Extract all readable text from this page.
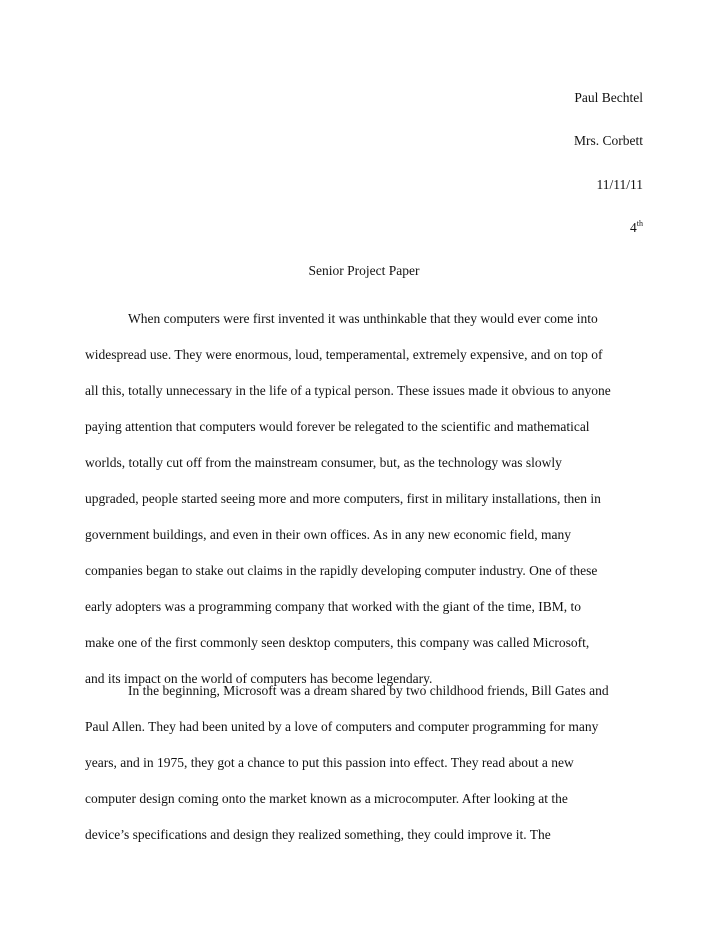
Paul Bechtel
Mrs. Corbett
11/11/11
4th
Senior Project Paper
When computers were first invented it was unthinkable that they would ever come into
widespread use. They were enormous, loud, temperamental, extremely expensive, and on top of
all this, totally unnecessary in the life of a typical person. These issues made it obvious to anyone
paying attention that computers would forever be relegated to the scientific and mathematical
worlds, totally cut off from the mainstream consumer, but, as the technology was slowly
upgraded, people started seeing more and more computers, first in military installations, then in
government buildings, and even in their own offices. As in any new economic field, many
companies began to stake out claims in the rapidly developing computer industry. One of these
early adopters was a programming company that worked with the giant of the time, IBM, to
make one of the first commonly seen desktop computers, this company was called Microsoft,
and its impact on the world of computers has become legendary.
In the beginning, Microsoft was a dream shared by two childhood friends, Bill Gates and
Paul Allen. They had been united by a love of computers and computer programming for many
years, and in 1975, they got a chance to put this passion into effect. They read about a new
computer design coming onto the market known as a microcomputer. After looking at the
device’s specifications and design they realized something, they could improve it. The
